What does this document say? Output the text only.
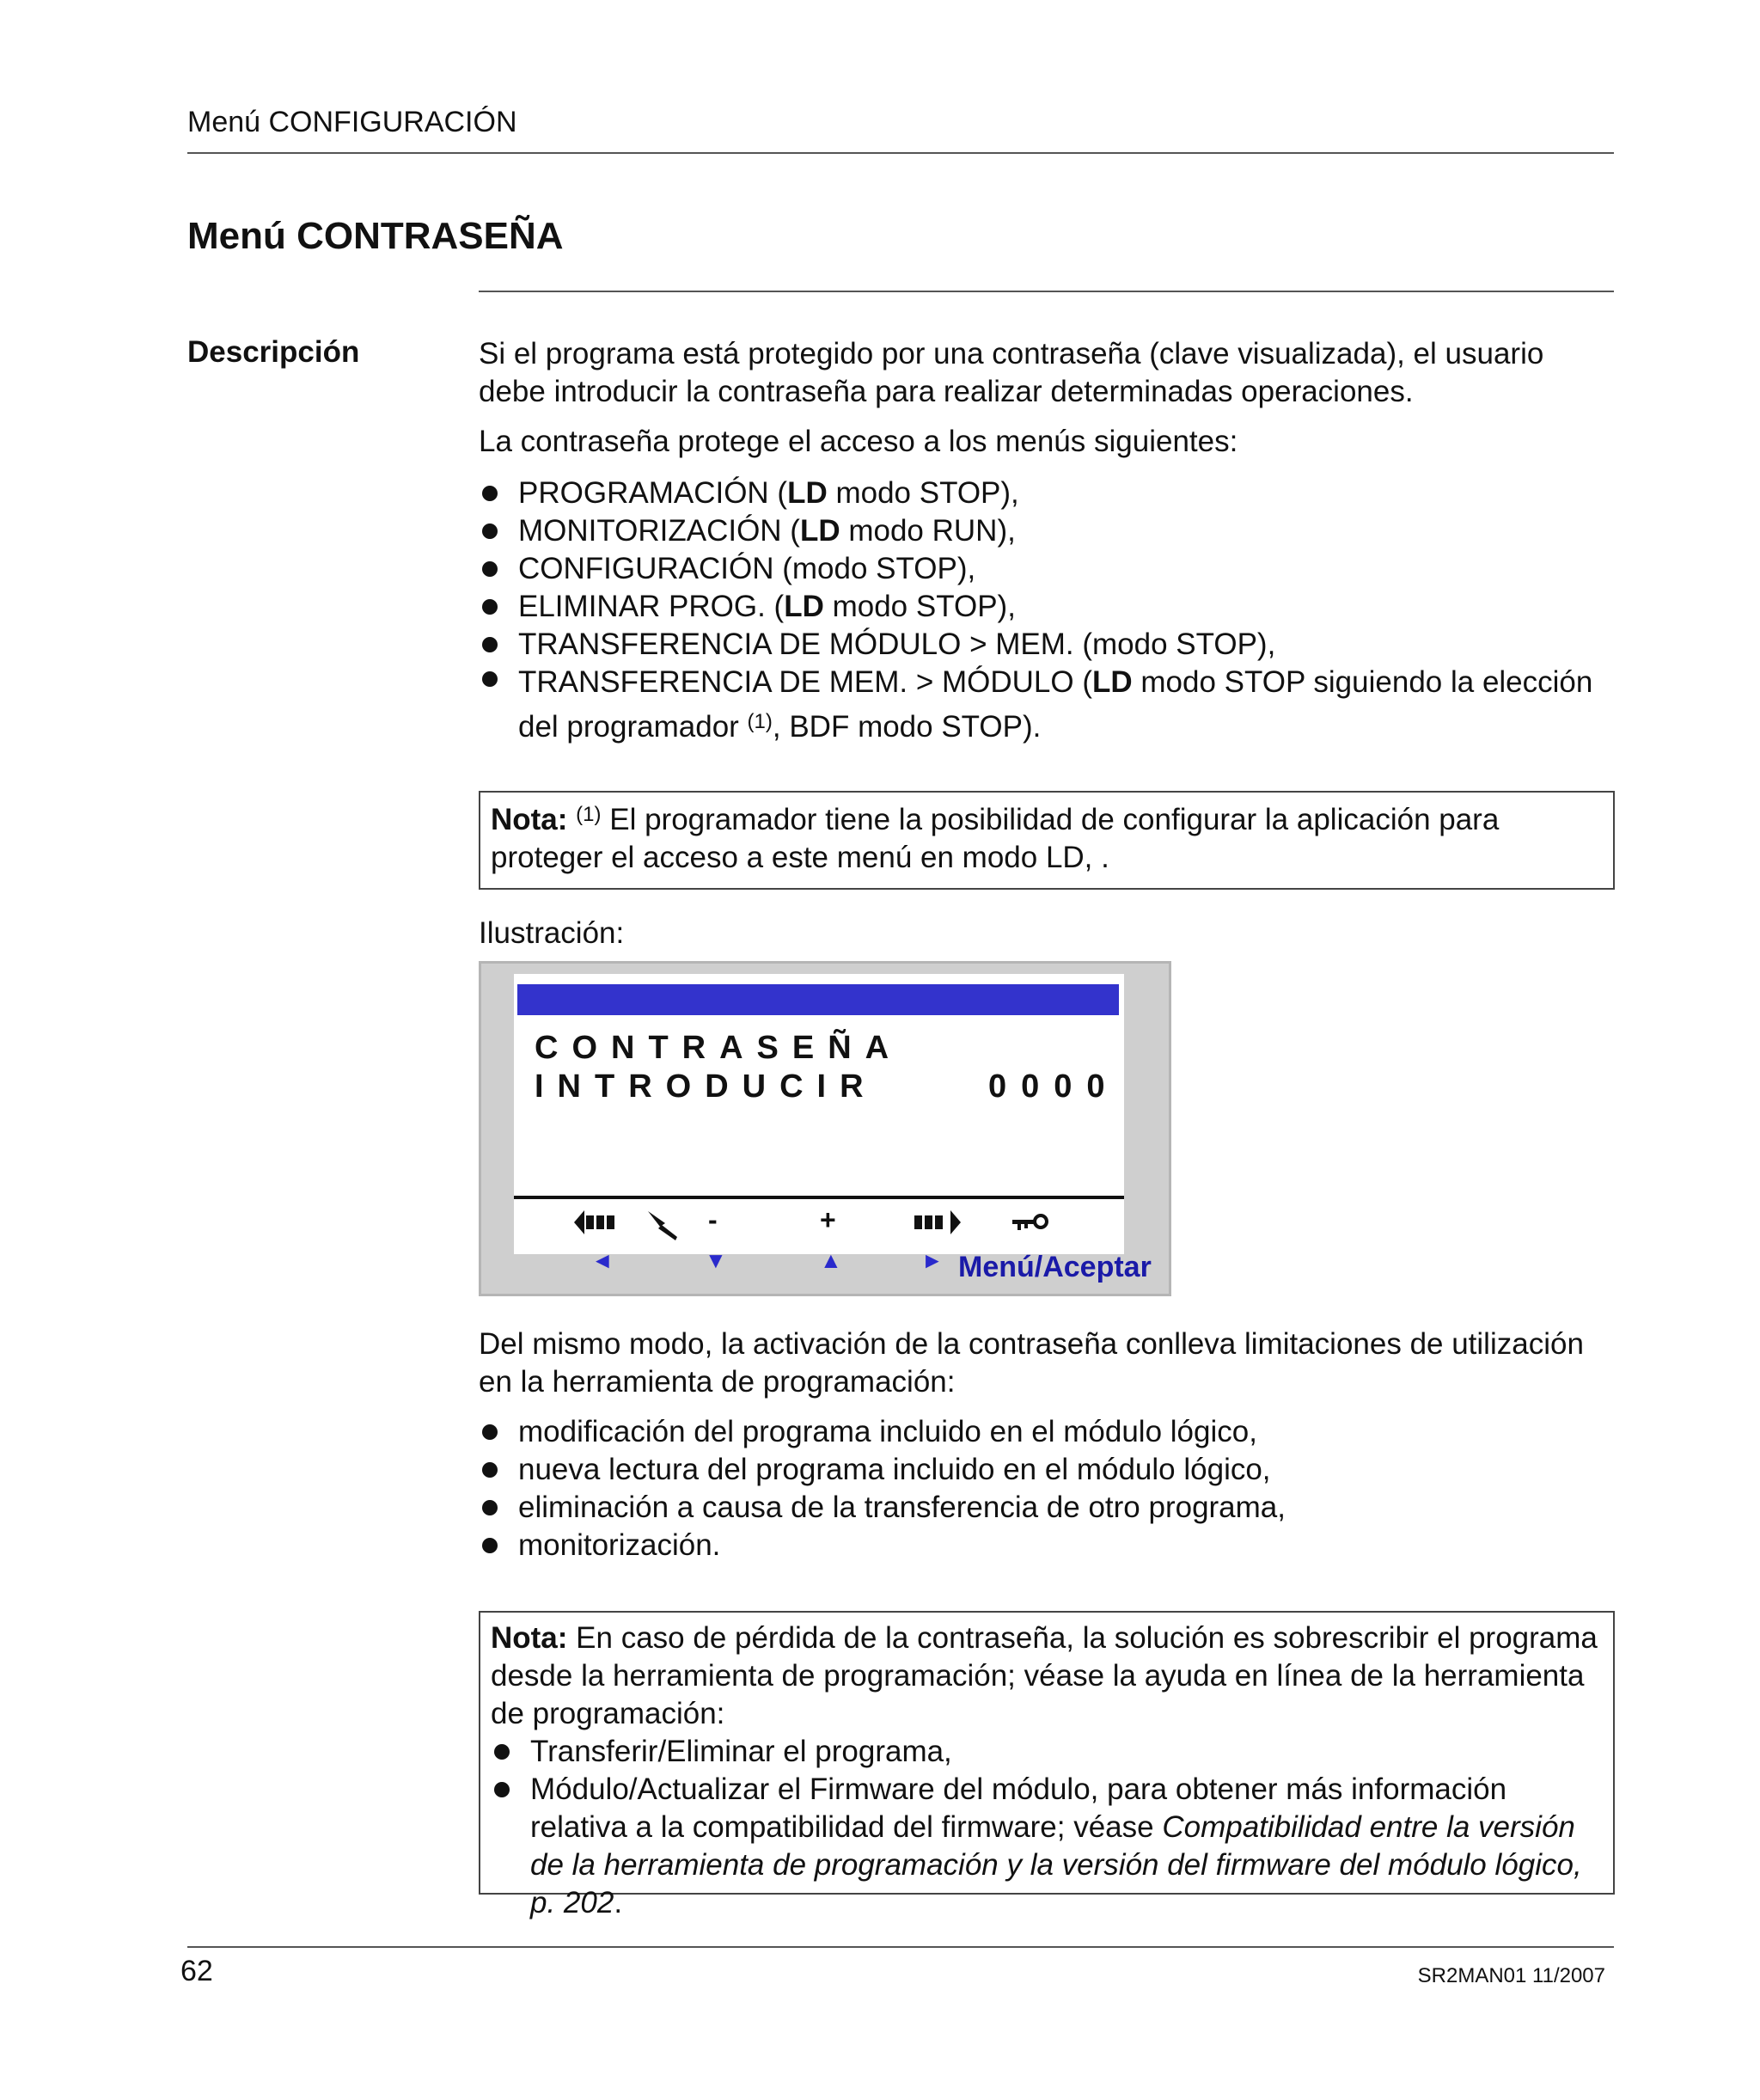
Menú CONFIGURACIÓN
Menú CONTRASEÑA
Descripción	Si el programa está protegido por una contraseña (clave visualizada), el usuario debe introducir la contraseña para realizar determinadas operaciones.
La contraseña protege el acceso a los menús siguientes:
PROGRAMACIÓN (LD modo STOP),
MONITORIZACIÓN (LD modo RUN),
CONFIGURACIÓN (modo STOP),
ELIMINAR PROG. (LD modo STOP),
TRANSFERENCIA DE MÓDULO > MEM. (modo STOP),
TRANSFERENCIA DE MEM. > MÓDULO (LD modo STOP siguiendo la elección del programador $^{(1)}$, BDF modo STOP).
Nota: $^{(1)}$ El programador tiene la posibilidad de configurar la aplicación para proteger el acceso a este menú en modo LD, .
Ilustración:
CONTRASEÑA
INTRODUCIR	0000
-	+
◄	▼	▲	► Menú/Aceptar
Del mismo modo, la activación de la contraseña conlleva limitaciones de utilización en la herramienta de programación:
modificación del programa incluido en el módulo lógico,
nueva lectura del programa incluido en el módulo lógico,
eliminación a causa de la transferencia de otro programa,
monitorización.
Nota: En caso de pérdida de la contraseña, la solución es sobrescribir el programa desde la herramienta de programación; véase la ayuda en línea de la herramienta de programación:
Transferir/Eliminar el programa,
Módulo/Actualizar el Firmware del módulo, para obtener más información relativa a la compatibilidad del firmware; véase Compatibilidad entre la versión de la herramienta de programación y la versión del firmware del módulo lógico, p. 202.
62	SR2MAN01 11/2007
